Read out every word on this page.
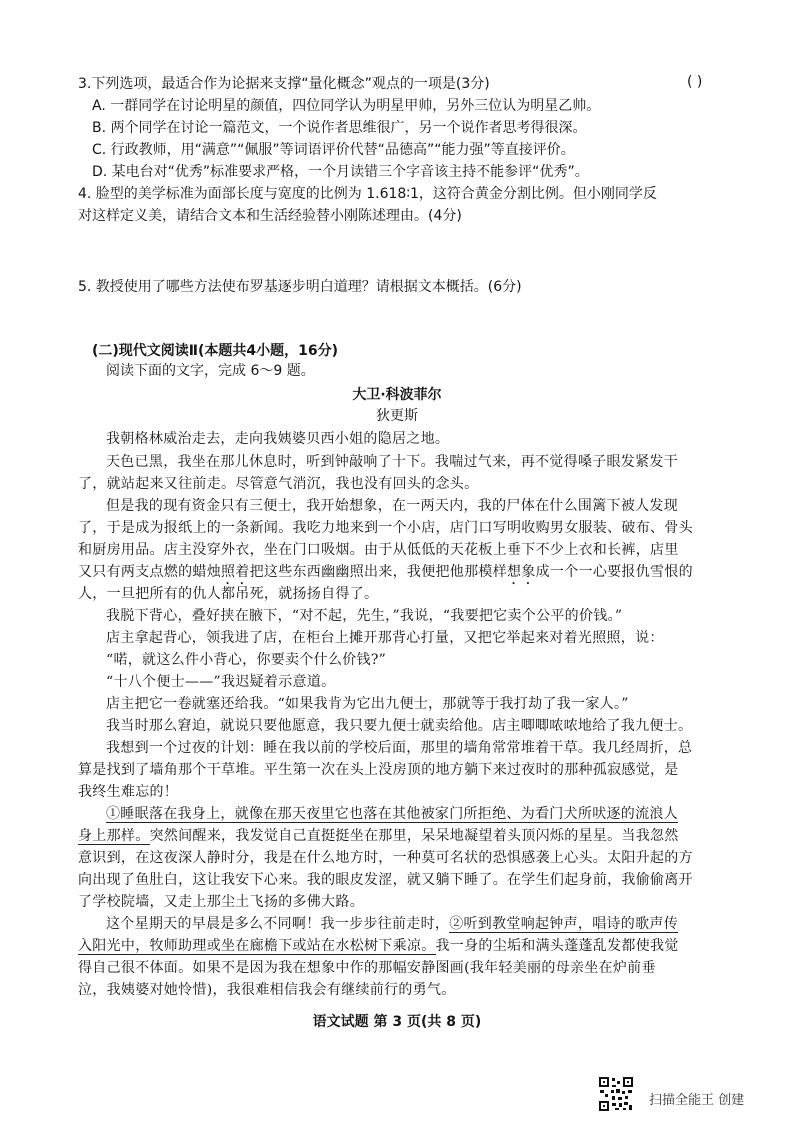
3.下列选项，最适合作为论据来支撑“量化概念”观点的一项是(3分)	( )
A. 一群同学在讨论明星的颜值，四位同学认为明星甲帅，另外三位认为明星乙帅。
B. 两个同学在讨论一篇范文，一个说作者思维很广，另一个说作者思考得很深。
C. 行政教师，用“满意”“佩服”等词语评价代替“品德高”“能力强”等直接评价。
D. 某电台对“优秀”标准要求严格，一个月读错三个字音该主持不能参评“优秀”。
4. 脸型的美学标准为面部长度与宽度的比例为 1.618∶1，这符合黄金分割比例。但小刚同学反
对这样定义美，请结合文本和生活经验替小刚陈述理由。(4分)
5. 教授使用了哪些方法使布罗基逐步明白道理？请根据文本概括。(6分)
(二)现代文阅读Ⅱ(本题共4小题，16分)
阅读下面的文字，完成 6～9 题。
大卫·科波菲尔
狄更斯
我朝格林威治走去，走向我姨婆贝西小姐的隐居之地。
天色已黑，我坐在那儿休息时，听到钟敲响了十下。我喘过气来，再不觉得嗓子眼发紧发干
了，就站起来又往前走。尽管意气消沉，我也没有回头的念头。
但是我的现有资金只有三便士，我开始想象，在一两天内，我的尸体在什么围篱下被人发现
了，于是成为报纸上的一条新闻。我吃力地来到一个小店，店门口写明收购男女服装、破布、骨头
和厨房用品。店主没穿外衣，坐在门口吸烟。由于从低低的天花板上垂下不少上衣和长裤，店里
又只有两支点燃的蜡烛照着把这些东西幽幽照出来，我便把他那模样想象成一个一心要报仇雪恨的
人，一旦把所有的仇人都吊死，就扬扬自得了。
我脱下背心，叠好挟在腋下，“对不起，先生，”我说，“我要把它卖个公平的价钱。”
店主拿起背心，领我进了店，在柜台上摊开那背心打量，又把它举起来对着光照照，说：
“喏，就这么件小背心，你要卖个什么价钱?”
“十八个便士——”我迟疑着示意道。
店主把它一卷就塞还给我。“如果我肯为它出九便士，那就等于我打劫了我一家人。”
我当时那么窘迫，就说只要他愿意，我只要九便士就卖给他。店主唧唧哝哝地给了我九便士。
我想到一个过夜的计划：睡在我以前的学校后面，那里的墙角常常堆着干草。我几经周折，总
算是找到了墙角那个干草堆。平生第一次在头上没房顶的地方躺下来过夜时的那种孤寂感觉，是
我终生难忘的！
①睡眠落在我身上，就像在那天夜里它也落在其他被家门所拒绝、为看门犬所吠逐的流浪人
身上那样。突然间醒来，我发觉自己直挺挺坐在那里，呆呆地凝望着头顶闪烁的星星。当我忽然
意识到，在这夜深人静时分，我是在什么地方时，一种莫可名状的恐惧感袭上心头。太阳升起的方
向出现了鱼肚白，这让我安下心来。我的眼皮发涩，就又躺下睡了。在学生们起身前，我偷偷离开
了学校院墙，又走上那尘土飞扬的多佛大路。
这个星期天的早晨是多么不同啊！我一步步往前走时，②听到教堂响起钟声，唱诗的歌声传
入阳光中，牧师助理或坐在廊檐下或站在水松树下乘凉。我一身的尘垢和满头蓬蓬乱发都使我觉
得自己很不体面。如果不是因为我在想象中作的那幅安静图画(我年轻美丽的母亲坐在炉前垂
泣，我姨婆对她怜惜)，我很难相信我会有继续前行的勇气。
语文试题 第 3 页(共 8 页)
扫描全能王 创建
